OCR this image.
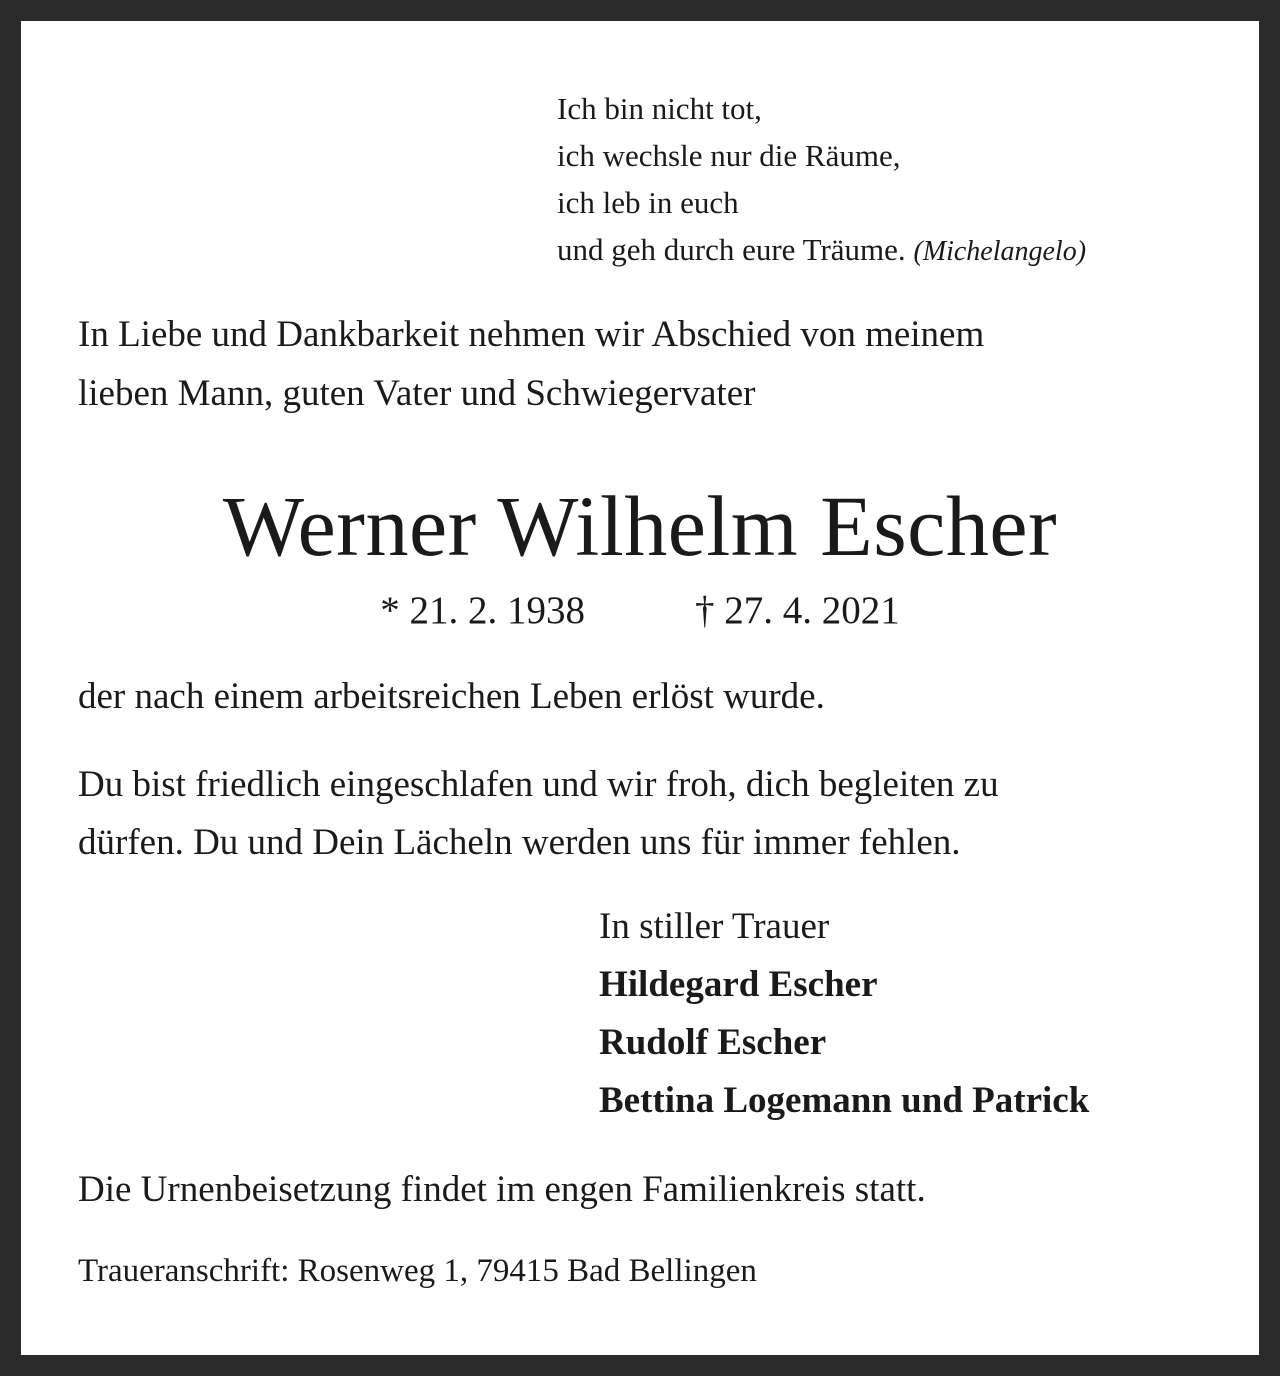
Ich bin nicht tot,
ich wechsle nur die Räume,
ich leb in euch
und geh durch eure Träume. (Michelangelo)
In Liebe und Dankbarkeit nehmen wir Abschied von meinem
lieben Mann, guten Vater und Schwiegervater
Werner Wilhelm Escher
* 21. 2. 1938	† 27. 4. 2021
der nach einem arbeitsreichen Leben erlöst wurde.
Du bist friedlich eingeschlafen und wir froh, dich begleiten zu
dürfen. Du und Dein Lächeln werden uns für immer fehlen.
In stiller Trauer
Hildegard Escher
Rudolf Escher
Bettina Logemann und Patrick
Die Urnenbeisetzung findet im engen Familienkreis statt.
Traueranschrift: Rosenweg 1, 79415 Bad Bellingen
